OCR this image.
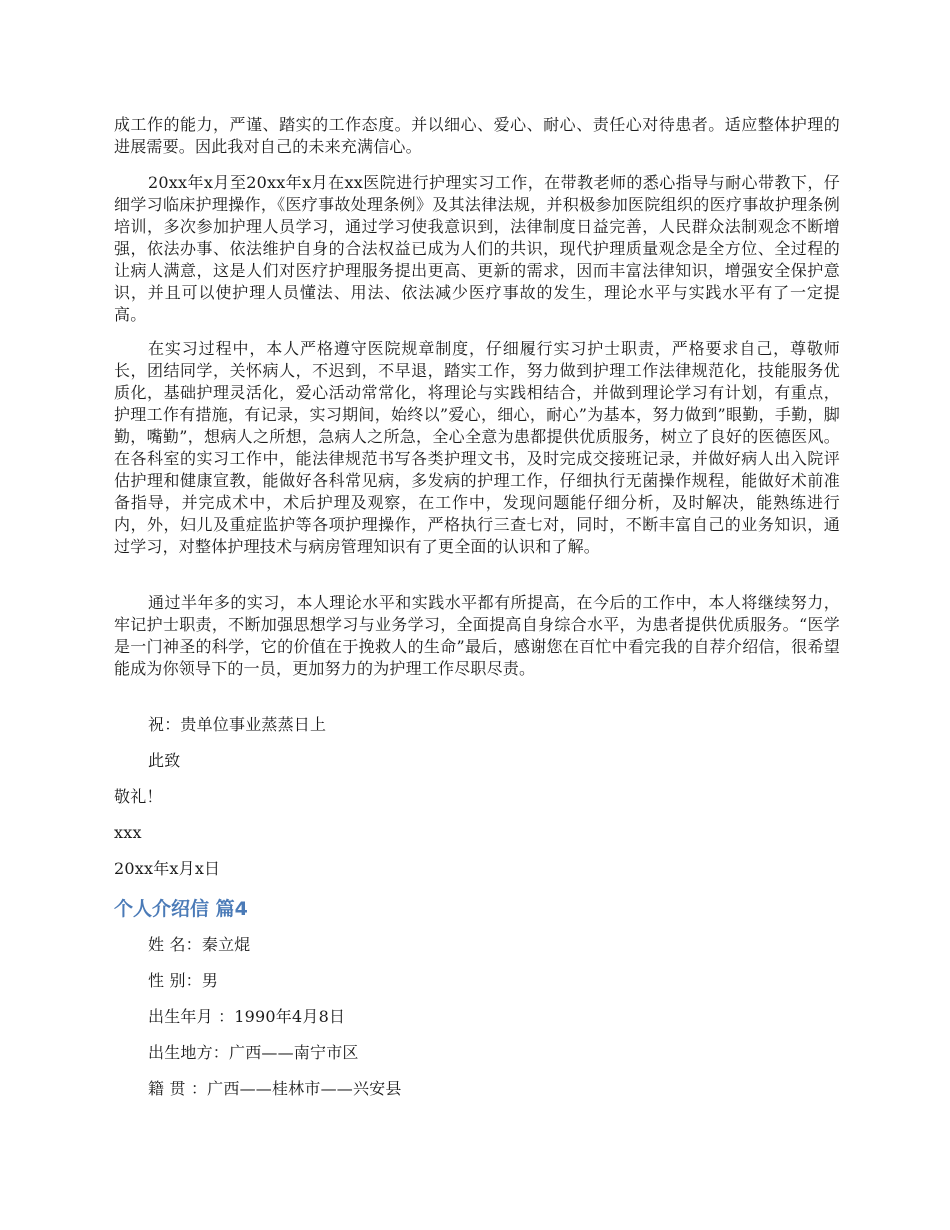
成工作的能力，严谨、踏实的工作态度。并以细心、爱心、耐心、责任心对待患者。适应整体护理的进展需要。因此我对自己的未来充满信心。

20xx年x月至20xx年x月在xx医院进行护理实习工作，在带教老师的悉心指导与耐心带教下，仔细学习临床护理操作，《医疗事故处理条例》及其法律法规，并积极参加医院组织的医疗事故护理条例培训，多次参加护理人员学习，通过学习使我意识到，法律制度日益完善，人民群众法制观念不断增强，依法办事、依法维护自身的合法权益已成为人们的共识，现代护理质量观念是全方位、全过程的让病人满意，这是人们对医疗护理服务提出更高、更新的需求，因而丰富法律知识，增强安全保护意识，并且可以使护理人员懂法、用法、依法减少医疗事故的发生，理论水平与实践水平有了一定提高。

在实习过程中，本人严格遵守医院规章制度，仔细履行实习护士职责，严格要求自己，尊敬师长，团结同学，关怀病人，不迟到，不早退，踏实工作，努力做到护理工作法律规范化，技能服务优质化，基础护理灵活化，爱心活动常常化，将理论与实践相结合，并做到理论学习有计划，有重点，护理工作有措施，有记录，实习期间，始终以”爱心，细心，耐心”为基本，努力做到”眼勤，手勤，脚勤，嘴勤”，想病人之所想，急病人之所急，全心全意为患都提供优质服务，树立了良好的医德医风。在各科室的实习工作中，能法律规范书写各类护理文书，及时完成交接班记录，并做好病人出入院评估护理和健康宣教，能做好各科常见病，多发病的护理工作，仔细执行无菌操作规程，能做好术前准备指导，并完成术中，术后护理及观察，在工作中，发现问题能仔细分析，及时解决，能熟练进行内，外，妇儿及重症监护等各项护理操作，严格执行三查七对，同时，不断丰富自己的业务知识，通过学习，对整体护理技术与病房管理知识有了更全面的认识和了解。

通过半年多的实习，本人理论水平和实践水平都有所提高，在今后的工作中，本人将继续努力，牢记护士职责，不断加强思想学习与业务学习，全面提高自身综合水平，为患者提供优质服务。“医学是一门神圣的科学，它的价值在于挽救人的生命”最后，感谢您在百忙中看完我的自荐介绍信，很希望能成为你领导下的一员，更加努力的为护理工作尽职尽责。

祝：贵单位事业蒸蒸日上

此致

敬礼！

xxx

20xx年x月x日

个人介绍信 篇4

姓 名：秦立焜

性 别：男

出生年月 ：1990年4月8日

出生地方：广西——南宁市区

籍 贯 ：广西——桂林市——兴安县
